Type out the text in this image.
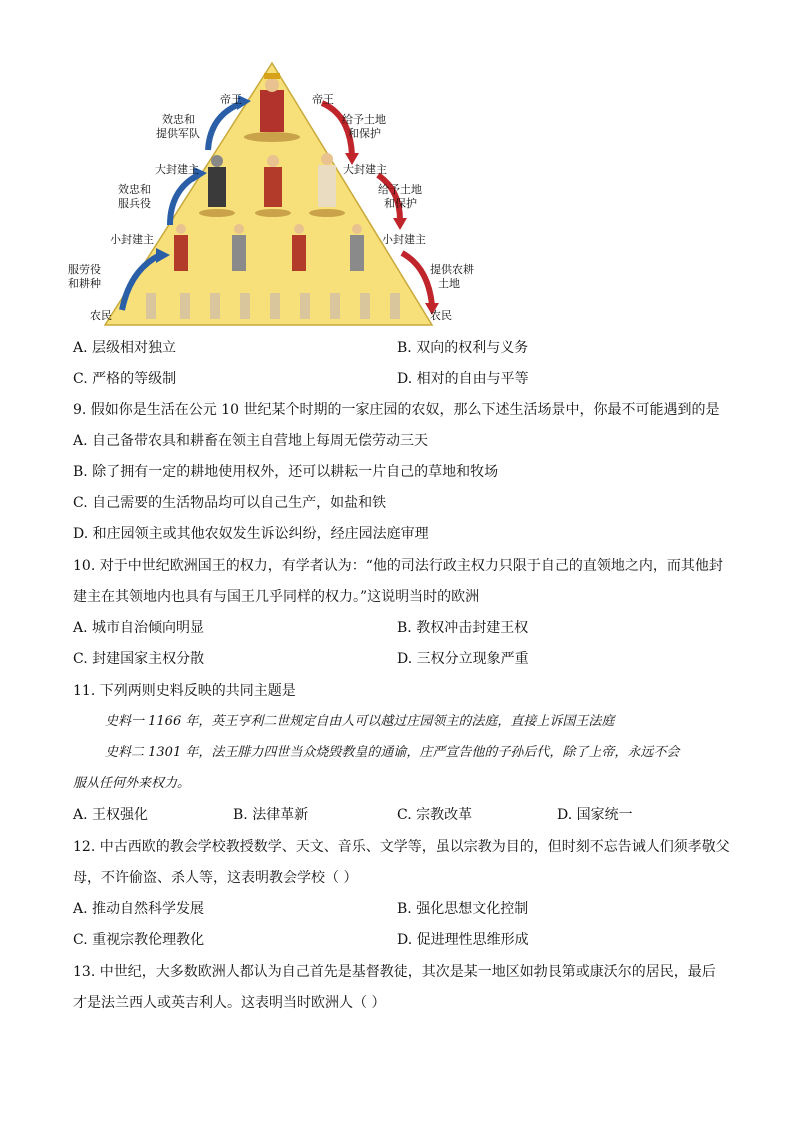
帝王
大封建主
小封建主
农民
效忠和
提供军队
效忠和
服兵役
服劳役
和耕种
帝王
大封建主
小封建主
农民
给予土地
和保护
给予土地
和保护
提供农耕
土地
A. 层级相对独立	B. 双向的权利与义务
C. 严格的等级制	D. 相对的自由与平等
9. 假如你是生活在公元 10 世纪某个时期的一家庄园的农奴，那么下述生活场景中，你最不可能遇到的是
A. 自己备带农具和耕畜在领主自营地上每周无偿劳动三天
B. 除了拥有一定的耕地使用权外，还可以耕耘一片自己的草地和牧场
C. 自己需要的生活物品均可以自己生产，如盐和铁
D. 和庄园领主或其他农奴发生诉讼纠纷，经庄园法庭审理
10. 对于中世纪欧洲国王的权力，有学者认为：“他的司法行政主权力只限于自己的直领地之内，而其他封
建主在其领地内也具有与国王几乎同样的权力。”这说明当时的欧洲
A. 城市自治倾向明显	B. 教权冲击封建王权
C. 封建国家主权分散	D. 三权分立现象严重
11. 下列两则史料反映的共同主题是
史料一 1166 年，英王亨利二世规定自由人可以越过庄园领主的法庭，直接上诉国王法庭
史料二 1301 年，法王腓力四世当众烧毁教皇的通谕，庄严宣告他的子孙后代，除了上帝，永远不会
服从任何外来权力。
A. 王权强化	B. 法律革新	C. 宗教改革	D. 国家统一
12. 中古西欧的教会学校教授数学、天文、音乐、文学等，虽以宗教为目的，但时刻不忘告诫人们须孝敬父
母，不许偷盗、杀人等，这表明教会学校（ ）
A. 推动自然科学发展	B. 强化思想文化控制
C. 重视宗教伦理教化	D. 促进理性思维形成
13. 中世纪，大多数欧洲人都认为自己首先是基督教徒，其次是某一地区如勃艮第或康沃尔的居民，最后
才是法兰西人或英吉利人。这表明当时欧洲人（ ）
